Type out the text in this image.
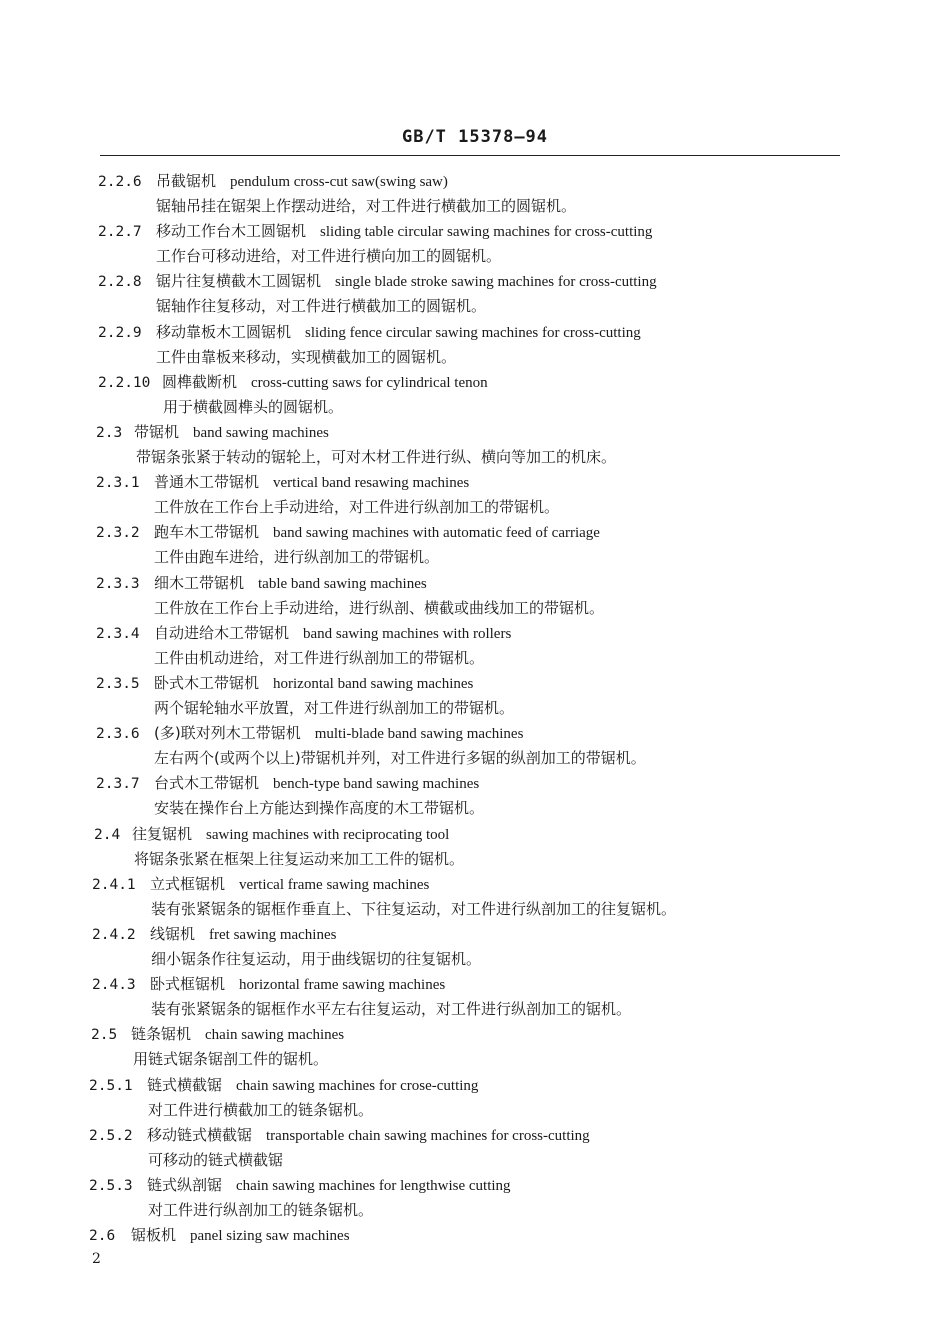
GB/T 15378—94
2.2.6 吊截锯机 pendulum cross-cut saw(swing saw)
锯轴吊挂在锯架上作摆动进给，对工件进行横截加工的圆锯机。
2.2.7 移动工作台木工圆锯机 sliding table circular sawing machines for cross-cutting
工作台可移动进给，对工件进行横向加工的圆锯机。
2.2.8 锯片往复横截木工圆锯机 single blade stroke sawing machines for cross-cutting
锯轴作往复移动，对工件进行横截加工的圆锯机。
2.2.9 移动靠板木工圆锯机 sliding fence circular sawing machines for cross-cutting
工件由靠板来移动，实现横截加工的圆锯机。
2.2.10 圆榫截断机 cross-cutting saws for cylindrical tenon
用于横截圆榫头的圆锯机。
2.3 带锯机 band sawing machines
带锯条张紧于转动的锯轮上，可对木材工件进行纵、横向等加工的机床。
2.3.1 普通木工带锯机 vertical band resawing machines
工件放在工作台上手动进给，对工件进行纵剖加工的带锯机。
2.3.2 跑车木工带锯机 band sawing machines with automatic feed of carriage
工件由跑车进给，进行纵剖加工的带锯机。
2.3.3 细木工带锯机 table band sawing machines
工件放在工作台上手动进给，进行纵剖、横截或曲线加工的带锯机。
2.3.4 自动进给木工带锯机 band sawing machines with rollers
工件由机动进给，对工件进行纵剖加工的带锯机。
2.3.5 卧式木工带锯机 horizontal band sawing machines
两个锯轮轴水平放置，对工件进行纵剖加工的带锯机。
2.3.6 (多)联对列木工带锯机 multi-blade band sawing machines
左右两个(或两个以上)带锯机并列，对工件进行多锯的纵剖加工的带锯机。
2.3.7 台式木工带锯机 bench-type band sawing machines
安装在操作台上方能达到操作高度的木工带锯机。
2.4 往复锯机 sawing machines with reciprocating tool
将锯条张紧在框架上往复运动来加工工件的锯机。
2.4.1 立式框锯机 vertical frame sawing machines
装有张紧锯条的锯框作垂直上、下往复运动，对工件进行纵剖加工的往复锯机。
2.4.2 线锯机 fret sawing machines
细小锯条作往复运动，用于曲线锯切的往复锯机。
2.4.3 卧式框锯机 horizontal frame sawing machines
装有张紧锯条的锯框作水平左右往复运动，对工件进行纵剖加工的锯机。
2.5 链条锯机 chain sawing machines
用链式锯条锯剖工件的锯机。
2.5.1 链式横截锯 chain sawing machines for crose-cutting
对工件进行横截加工的链条锯机。
2.5.2 移动链式横截锯 transportable chain sawing machines for cross-cutting
可移动的链式横截锯
2.5.3 链式纵剖锯 chain sawing machines for lengthwise cutting
对工件进行纵剖加工的链条锯机。
2.6 锯板机 panel sizing saw machines
2
